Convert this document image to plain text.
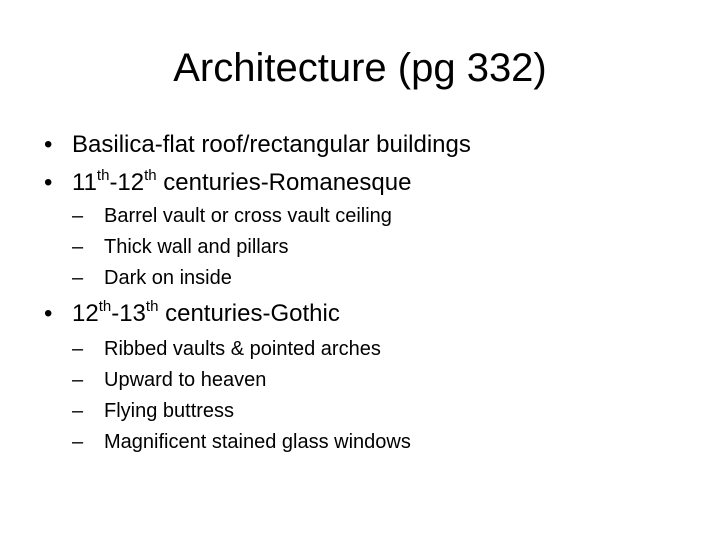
Architecture (pg 332)
• Basilica-flat roof/rectangular buildings
• 11th-12th centuries-Romanesque
– Barrel vault or cross vault ceiling
– Thick wall and pillars
– Dark on inside
• 12th-13th centuries-Gothic
– Ribbed vaults & pointed arches
– Upward to heaven
– Flying buttress
– Magnificent stained glass windows
